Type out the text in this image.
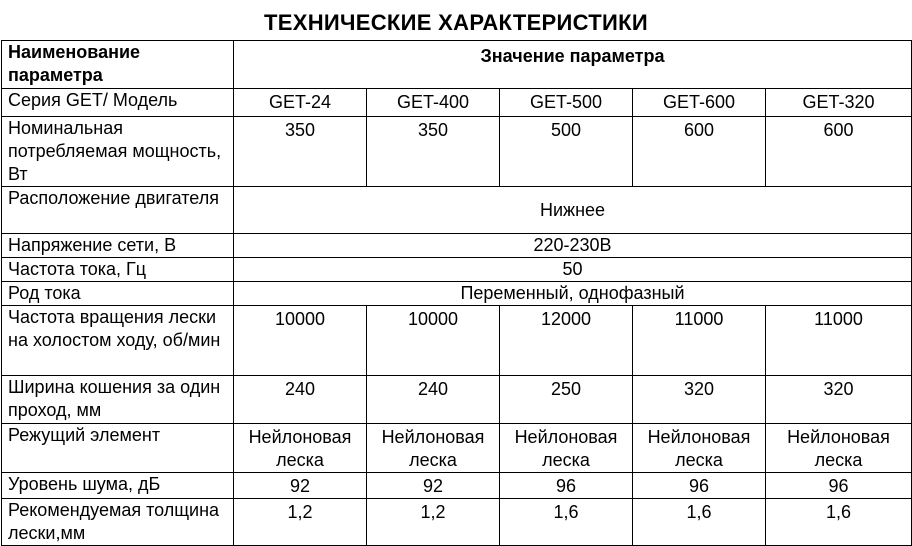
ТЕХНИЧЕСКИЕ ХАРАКТЕРИСТИКИ
Наименование параметра	Значение параметра				
Серия GET/ Модель	GET-24	GET-400	GET-500	GET-600	GET-320
Номинальная потребляемая мощность, Вт	350	350	500	600	600
Расположение двигателя	Нижнее				
Напряжение сети, В	220-230В				
Частота тока, Гц	50				
Род тока	Переменный, однофазный				
Частота вращения лески на холостом ходу, об/мин	10000	10000	12000	11000	11000
Ширина кошения за один проход, мм	240	240	250	320	320
Режущий элемент	Нейлоновая леска	Нейлоновая леска	Нейлоновая леска	Нейлоновая леска	Нейлоновая леска
Уровень шума, дБ	92	92	96	96	96
Рекомендуемая толщина лески,мм	1,2	1,2	1,6	1,6	1,6
